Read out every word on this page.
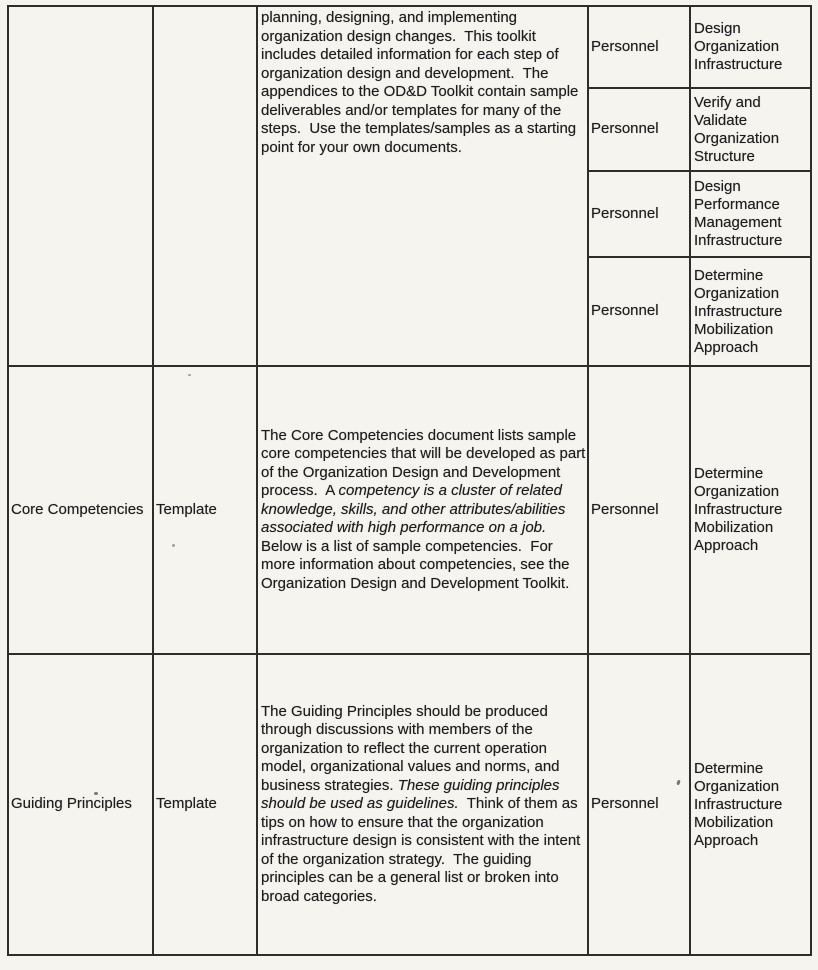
planning, designing, and implementing organization design changes.  This toolkit includes detailed information for each step of organization design and development.  The appendices to the OD&D Toolkit contain sample deliverables and/or templates for many of the steps.  Use the templates/samples as a starting point for your own documents.

Personnel
Design Organization Infrastructure
Personnel
Verify and Validate Organization Structure
Personnel
Design Performance Management Infrastructure
Personnel
Determine Organization Infrastructure Mobilization Approach
Core Competencies Template

The Core Competencies document lists sample core competencies that will be developed as part of the Organization Design and Development process.  A competency is a cluster of related knowledge, skills, and other attributes/abilities associated with high performance on a job.  Below is a list of sample competencies.  For more information about competencies, see the Organization Design and Development Toolkit.

Personnel
Determine Organization Infrastructure Mobilization Approach
Guiding Principles Template

The Guiding Principles should be produced through discussions with members of the organization to reflect the current operation model, organizational values and norms, and business strategies. These guiding principles should be used as guidelines.  Think of them as tips on how to ensure that the organization infrastructure design is consistent with the intent of the organization strategy.  The guiding principles can be a general list or broken into broad categories.

Personnel
Determine Organization Infrastructure Mobilization Approach
